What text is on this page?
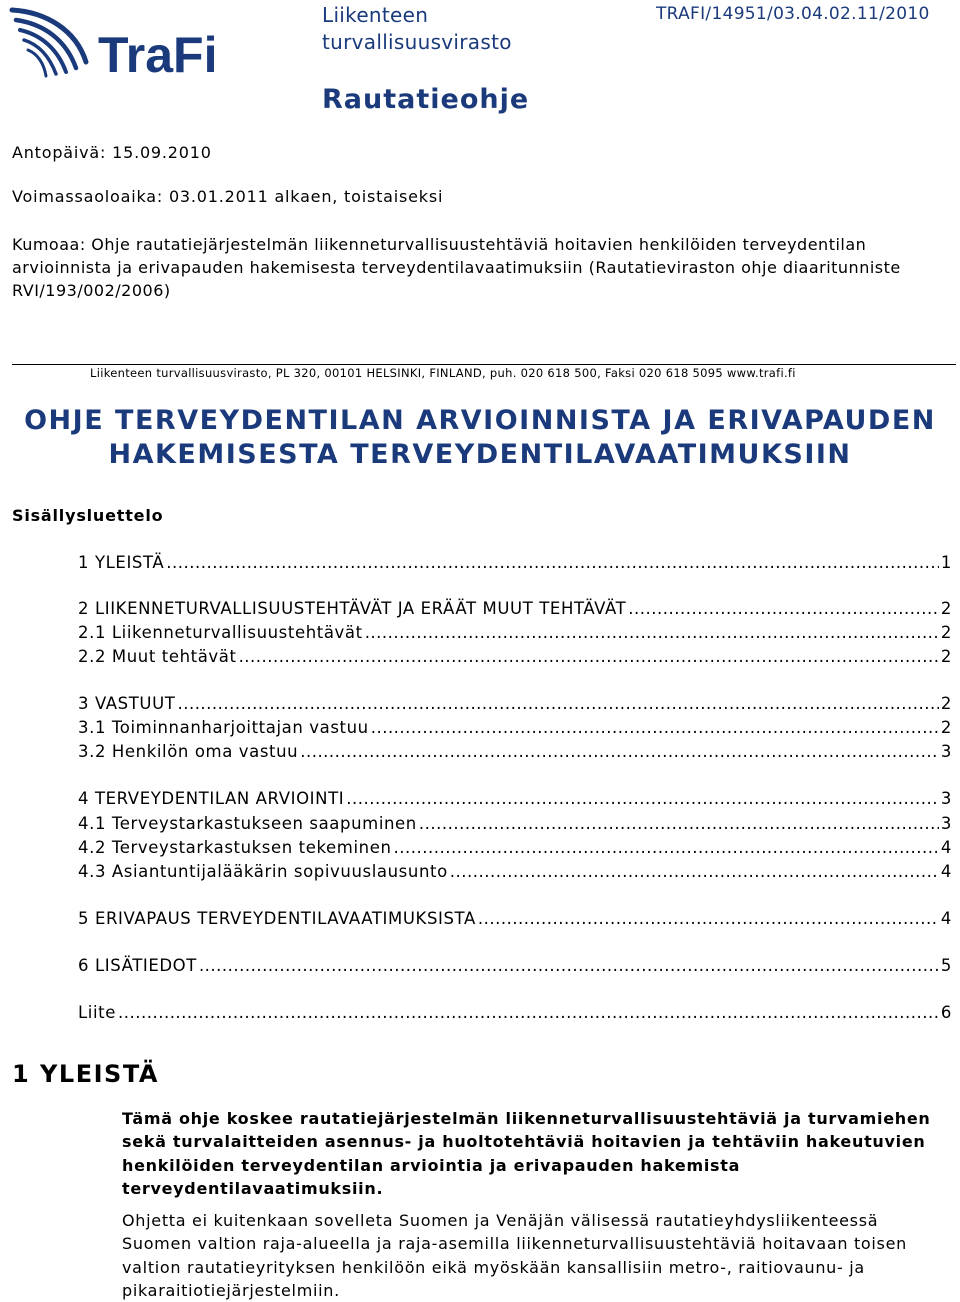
TraFi
Liikenteen
turvallisuusvirasto
TRAFI/14951/03.04.02.11/2010
Rautatieohje
Antopäivä: 15.09.2010
Voimassaoloaika: 03.01.2011 alkaen, toistaiseksi
Kumoaa: Ohje rautatiejärjestelmän liikenneturvallisuustehtäviä hoitavien henkilöiden terveydentilan arvioinnista ja erivapauden hakemisesta terveydentilavaatimuksiin (Rautatieviraston ohje diaaritunniste RVI/193/002/2006)
Liikenteen turvallisuusvirasto, PL 320, 00101 HELSINKI, FINLAND, puh. 020 618 500, Faksi 020 618 5095 www.trafi.fi
OHJE TERVEYDENTILAN ARVIOINNISTA JA ERIVAPAUDEN
HAKEMISESTA TERVEYDENTILAVAATIMUKSIIN
Sisällysluettelo
1 YLEISTÄ .....	1
2 LIIKENNETURVALLISUUSTEHTÄVÄT JA ERÄÄT MUUT TEHTÄVÄT .....	2
2.1 Liikenneturvallisuustehtävät .....	2
2.2 Muut tehtävät .....	2
3 VASTUUT .....	2
3.1 Toiminnanharjoittajan vastuu .....	2
3.2 Henkilön oma vastuu .....	3
4 TERVEYDENTILAN ARVIOINTI .....	3
4.1 Terveystarkastukseen saapuminen .....	3
4.2 Terveystarkastuksen tekeminen .....	4
4.3 Asiantuntijalääkärin sopivuuslausunto .....	4
5 ERIVAPAUS TERVEYDENTILAVAATIMUKSISTA .....	4
6 LISÄTIEDOT .....	5
Liite .....	6
1 YLEISTÄ
Tämä ohje koskee rautatiejärjestelmän liikenneturvallisuustehtäviä ja turvamiehen sekä turvalaitteiden asennus- ja huoltotehtäviä hoitavien ja tehtäviin hakeutuvien henkilöiden terveydentilan arviointia ja erivapauden hakemista terveydentilavaatimuksiin.
Ohjetta ei kuitenkaan sovelleta Suomen ja Venäjän välisessä rautatieyhdysliikenteessä Suomen valtion raja-alueella ja raja-asemilla liikenneturvallisuustehtäviä hoitavaan toisen valtion rautatieyrityksen henkilöön eikä myöskään kansallisiin metro-, raitiovaunu- ja pikaraitiotiejärjestelmiin.
